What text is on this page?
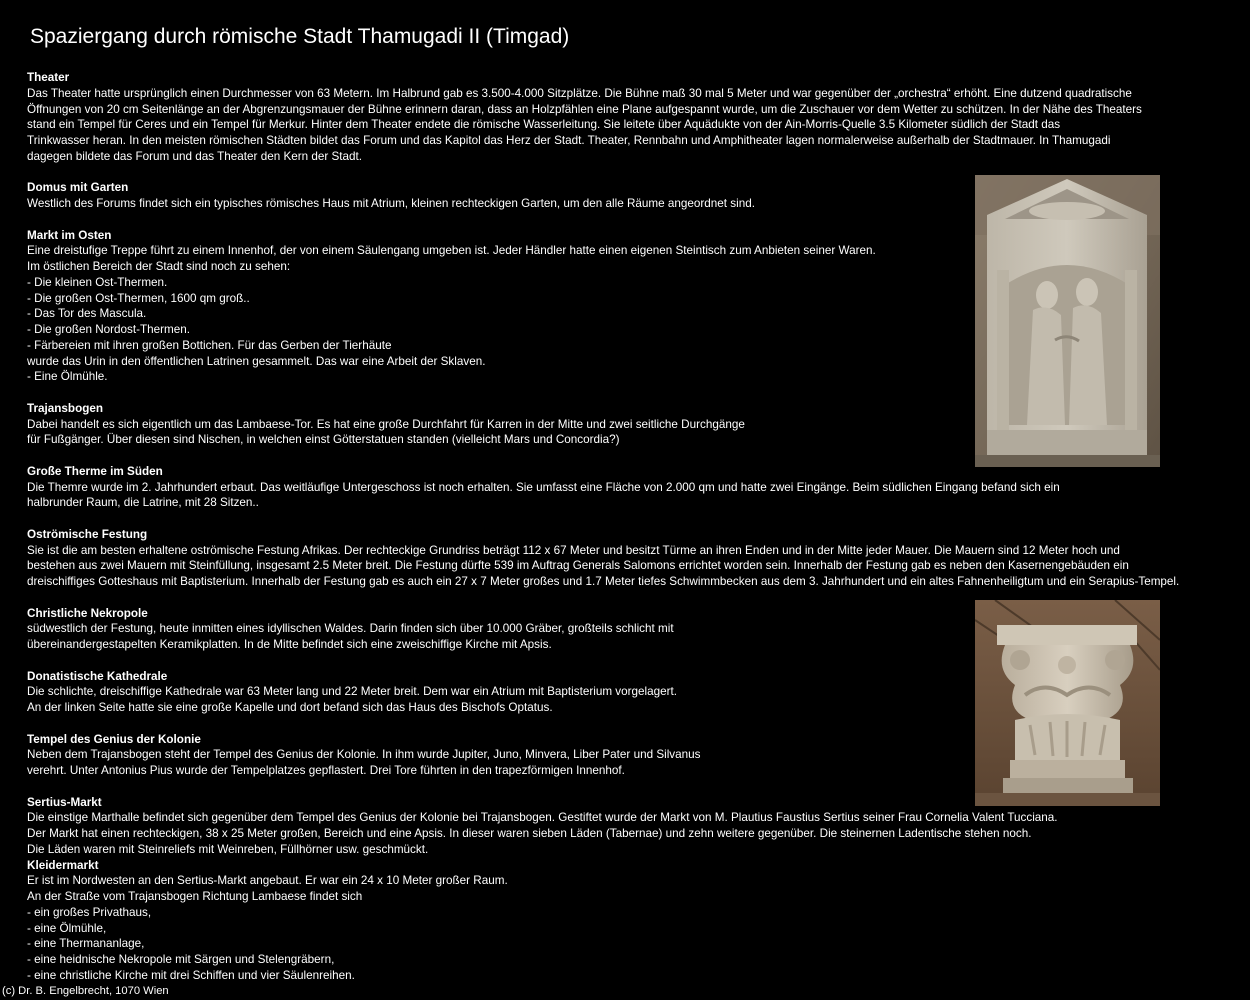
Spaziergang durch römische Stadt Thamugadi II (Timgad)
Theater
Das Theater hatte ursprünglich einen Durchmesser von 63 Metern. Im Halbrund gab es 3.500-4.000 Sitzplätze. Die Bühne maß 30 mal 5 Meter und war gegenüber der „orchestra“ erhöht. Eine dutzend quadratische
Öffnungen von 20 cm Seitenlänge an der Abgrenzungsmauer der Bühne erinnern daran, dass an Holzpfählen eine Plane aufgespannt wurde, um die Zuschauer vor dem Wetter zu schützen. In der Nähe des Theaters
stand ein Tempel für Ceres und ein Tempel für Merkur. Hinter dem Theater endete die römische Wasserleitung. Sie leitete über Aquädukte von der Ain-Morris-Quelle 3.5 Kilometer südlich der Stadt das
Trinkwasser heran. In den meisten römischen Städten bildet das Forum und das Kapitol das Herz der Stadt. Theater, Rennbahn und Amphitheater lagen normalerweise außerhalb der Stadtmauer. In Thamugadi
dagegen bildete das Forum und das Theater den Kern der Stadt.
Domus mit Garten
Westlich des Forums findet sich ein typisches römisches Haus mit Atrium, kleinen rechteckigen Garten, um den alle Räume angeordnet sind.
Markt im Osten
Eine dreistufige Treppe führt zu einem Innenhof, der von einem Säulengang umgeben ist. Jeder Händler hatte einen eigenen Steintisch zum Anbieten seiner Waren.
Im östlichen Bereich der Stadt sind noch zu sehen:
- Die kleinen Ost-Thermen.
- Die großen Ost-Thermen, 1600 qm groß..
- Das Tor des Mascula.
- Die großen Nordost-Thermen.
- Färbereien mit ihren großen Bottichen. Für das Gerben der Tierhäute
wurde das Urin in den öffentlichen Latrinen gesammelt. Das war eine Arbeit der Sklaven.
- Eine Ölmühle.
Trajansbogen
Dabei handelt es sich eigentlich um das Lambaese-Tor. Es hat eine große Durchfahrt für Karren in der Mitte und zwei seitliche Durchgänge
für Fußgänger. Über diesen sind Nischen, in welchen einst Götterstatuen standen (vielleicht Mars und Concordia?)
Große Therme im Süden
Die Themre wurde im 2. Jahrhundert erbaut. Das weitläufige Untergeschoss ist noch erhalten. Sie umfasst eine Fläche von 2.000 qm und hatte zwei Eingänge. Beim südlichen Eingang befand sich ein
halbrunder Raum, die Latrine, mit 28 Sitzen..
Oströmische Festung
Sie ist die am besten erhaltene oströmische Festung Afrikas. Der rechteckige Grundriss beträgt 112 x 67 Meter und besitzt Türme an ihren Enden und in der Mitte jeder Mauer. Die Mauern sind 12 Meter hoch und
bestehen aus zwei Mauern mit Steinfüllung, insgesamt 2.5 Meter breit. Die Festung dürfte 539 im Auftrag Generals Salomons errichtet worden sein. Innerhalb der Festung gab es neben den Kasernengebäuden ein
dreischiffiges Gotteshaus mit Baptisterium. Innerhalb der Festung gab es auch ein 27 x 7 Meter großes und 1.7 Meter tiefes Schwimmbecken aus dem 3. Jahrhundert und ein altes Fahnenheiligtum und ein Serapius-Tempel.
Christliche Nekropole
südwestlich der Festung, heute inmitten eines idyllischen Waldes. Darin finden sich über 10.000 Gräber, großteils schlicht mit
übereinandergestapelten Keramikplatten. In de Mitte befindet sich eine zweischiffige Kirche mit Apsis.
Donatistische Kathedrale
Die schlichte, dreischiffige Kathedrale war 63 Meter lang und 22 Meter breit. Dem war ein Atrium mit Baptisterium vorgelagert.
An der linken Seite hatte sie eine große Kapelle und dort befand sich das Haus des Bischofs Optatus.
Tempel des Genius der Kolonie
Neben dem Trajansbogen steht der Tempel des Genius der Kolonie. In ihm wurde Jupiter, Juno, Minvera, Liber Pater und Silvanus
verehrt. Unter Antonius Pius wurde der Tempelplatzes gepflastert. Drei Tore führten in den trapezförmigen Innenhof.
Sertius-Markt
Die einstige Marthalle befindet sich gegenüber dem Tempel des Genius der Kolonie bei Trajansbogen. Gestiftet wurde der Markt von M. Plautius Faustius Sertius seiner Frau Cornelia Valent Tucciana.
Der Markt hat einen rechteckigen, 38 x 25 Meter großen, Bereich und eine Apsis. In dieser waren sieben Läden (Tabernae) und zehn weitere gegenüber. Die steinernen Ladentische stehen noch.
Die Läden waren mit Steinreliefs mit Weinreben, Füllhörner usw. geschmückt.
Kleidermarkt
Er ist im Nordwesten an den Sertius-Markt angebaut. Er war ein 24 x 10 Meter großer Raum.
An der Straße vom Trajansbogen Richtung Lambaese findet sich
- ein großes Privathaus,
- eine Ölmühle,
- eine Thermananlage,
- eine heidnische Nekropole mit Särgen und Stelengräbern,
- eine christliche Kirche mit drei Schiffen und vier Säulenreihen.
(c) Dr. B. Engelbrecht, 1070 Wien
